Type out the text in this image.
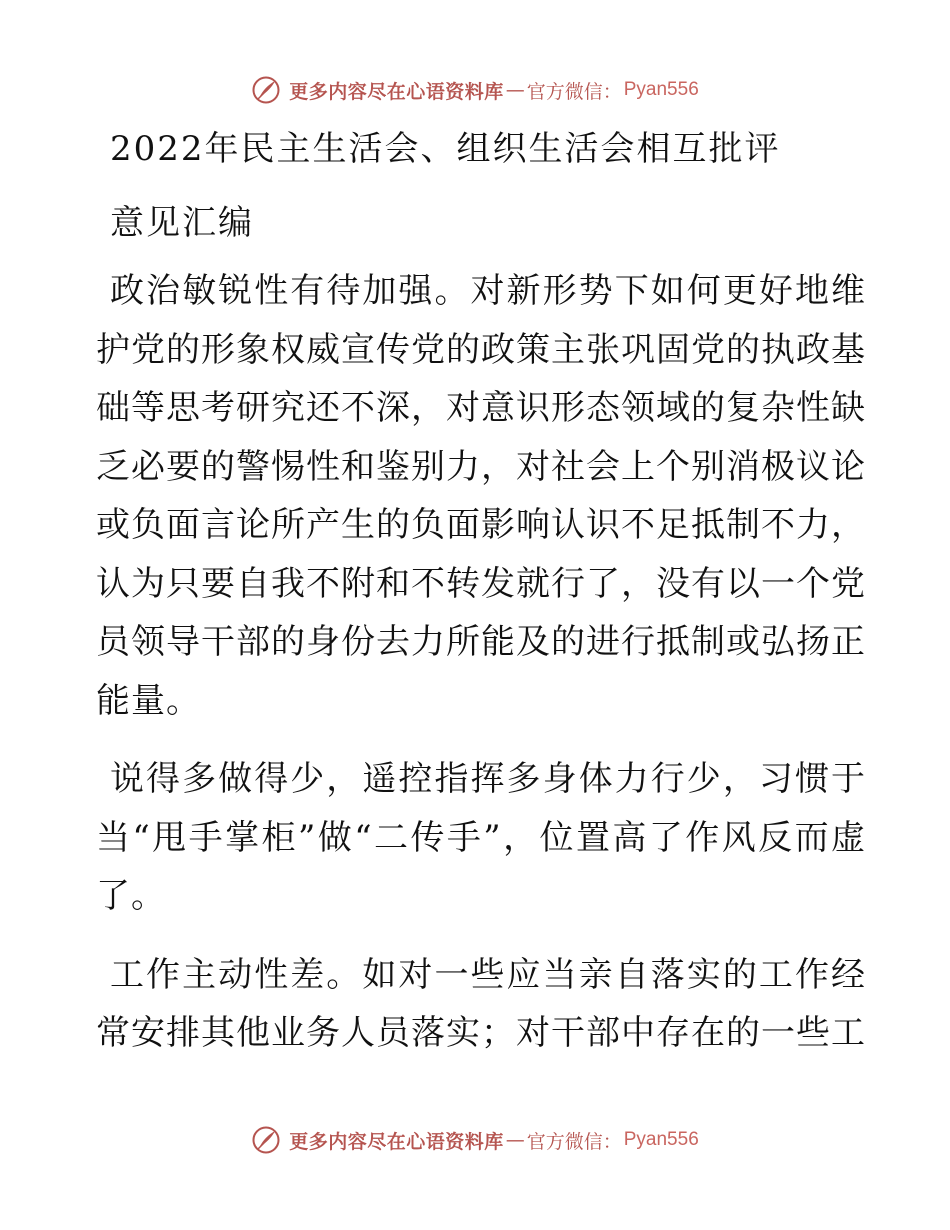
更多内容尽在心语资料库 — 官方微信： Pyan556
2022年民主生活会、组织生活会相互批评
意见汇编

政治敏锐性有待加强。对新形势下如何更好地维护党的形象权威宣传党的政策主张巩固党的执政基础等思考研究还不深，对意识形态领域的复杂性缺乏必要的警惕性和鉴别力，对社会上个别消极议论或负面言论所产生的负面影响认识不足抵制不力，认为只要自我不附和不转发就行了，没有以一个党员领导干部的身份去力所能及的进行抵制或弘扬正能量。

说得多做得少，遥控指挥多身体力行少，习惯于当“甩手掌柜”做“二传手”，位置高了作风反而虚了。

工作主动性差。如对一些应当亲自落实的工作经常安排其他业务人员落实；对干部中存在的一些工

更多内容尽在心语资料库 — 官方微信： Pyan556
